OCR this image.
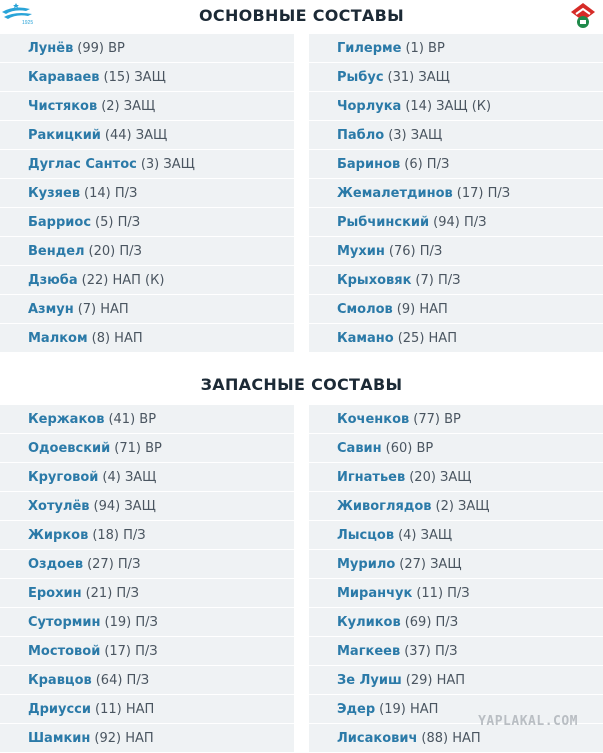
1925	ОСНОВНЫЕ СОСТАВЫ
Лунёв (99) ВР
Караваев (15) ЗАЩ
Чистяков (2) ЗАЩ
Ракицкий (44) ЗАЩ
Дуглас Сантос (3) ЗАЩ
Кузяев (14) П/З
Барриос (5) П/З
Вендел (20) П/З
Дзюба (22) НАП (К)
Азмун (7) НАП
Малком (8) НАП
Гилерме (1) ВР
Рыбус (31) ЗАЩ
Чорлука (14) ЗАЩ (К)
Пабло (3) ЗАЩ
Баринов (6) П/З
Жемалетдинов (17) П/З
Рыбчинский (94) П/З
Мухин (76) П/З
Крыховяк (7) П/З
Смолов (9) НАП
Камано (25) НАП
ЗАПАСНЫЕ СОСТАВЫ
Кержаков (41) ВР
Одоевский (71) ВР
Круговой (4) ЗАЩ
Хотулёв (94) ЗАЩ
Жирков (18) П/З
Оздоев (27) П/З
Ерохин (21) П/З
Сутормин (19) П/З
Мостовой (17) П/З
Кравцов (64) П/З
Дриусси (11) НАП
Шамкин (92) НАП
Коченков (77) ВР
Савин (60) ВР
Игнатьев (20) ЗАЩ
Живоглядов (2) ЗАЩ
Лысцов (4) ЗАЩ
Мурило (27) ЗАЩ
Миранчук (11) П/З
Куликов (69) П/З
Магкеев (37) П/З
Зе Луиш (29) НАП
Эдер (19) НАП
Лисакович (88) НАП
YAPLAKAL.COM
